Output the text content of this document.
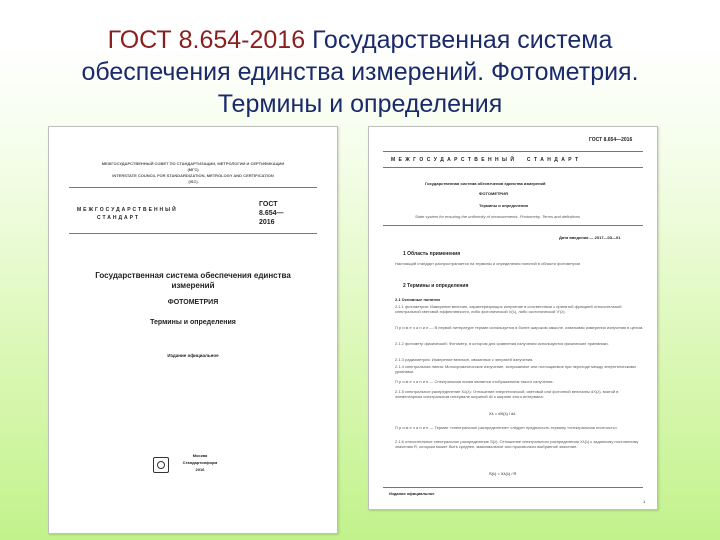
ГОСТ 8.654-2016 Государственная система обеспечения единства измерений. Фотометрия. Термины и определения
МЕЖГОСУДАРСТВЕННЫЙ СОВЕТ ПО СТАНДАРТИЗАЦИИ, МЕТРОЛОГИИ И СЕРТИФИКАЦИИ
(МГС)
INTERSTATE COUNCIL FOR STANDARDIZATION, METROLOGY AND CERTIFICATION
(ISC)
МЕЖГОСУДАРСТВЕННЫЙ
СТАНДАРТ
ГОСТ
8.654—
2016
Государственная система обеспечения единства измерений
ФОТОМЕТРИЯ
Термины и определения
Издание официальное
Москва
Стандартинформ
2016
ГОСТ 8.654—2016
М Е Ж Г О С У Д А Р С Т В Е Н Н Ы Й     С Т А Н Д А Р Т
Государственная система обеспечения единства измерений
ФОТОМЕТРИЯ
Термины и определения
State system for ensuring the uniformity of measurements. Photometry. Terms and definitions
Дата введения — 2017—03—01
1 Область применения
Настоящий стандарт распространяется на термины и определения понятий в области фотометрии
2 Термины и определения
2.1 Основные понятия
2.1.1 фотометрия: Измерение величин, характеризующих излучение в соответствии с принятой функцией относительной спектральной световой эффективности, либо фотопической V(λ), либо скотопической V′(λ).
П р и м е ч а н и е — В первой литературе термин используется в более широком смысле, охватывая измерения излучения в целом.
2.1.2 фотометр физический: Фотометр, в котором для сравнения излучения используются физические приемники.
2.1.3 радиометрия: Измерение величин, связанных с энергией излучения.
2.1.4 спектральная линия: Монохроматическое излучение, испускаемое или поглощаемое при переходе между энергетическими уровнями.
П р и м е ч а н и е — Спектральная линия является отображением такого излучения.
2.1.5 спектральное распределение Xλ(λ): Отношение энергетической, световой или фотонной величины dX(λ), взятой в элементарном спектральном интервале шириной dλ к ширине этого интервала:
Xλ = dX(λ) / dλ
П р и м е ч а н и е — Термин «спектральное распределение» следует предпочесть термину «спектральная плотность».
2.1.6 относительное спектральное распределение S(λ): Отношение спектрального распределения Xλ(λ) к заданному постоянному значению R, которым может быть среднее, максимальное или произвольно выбранное значение.
S(λ) = Xλ(λ) / R
Издание официальное
1
